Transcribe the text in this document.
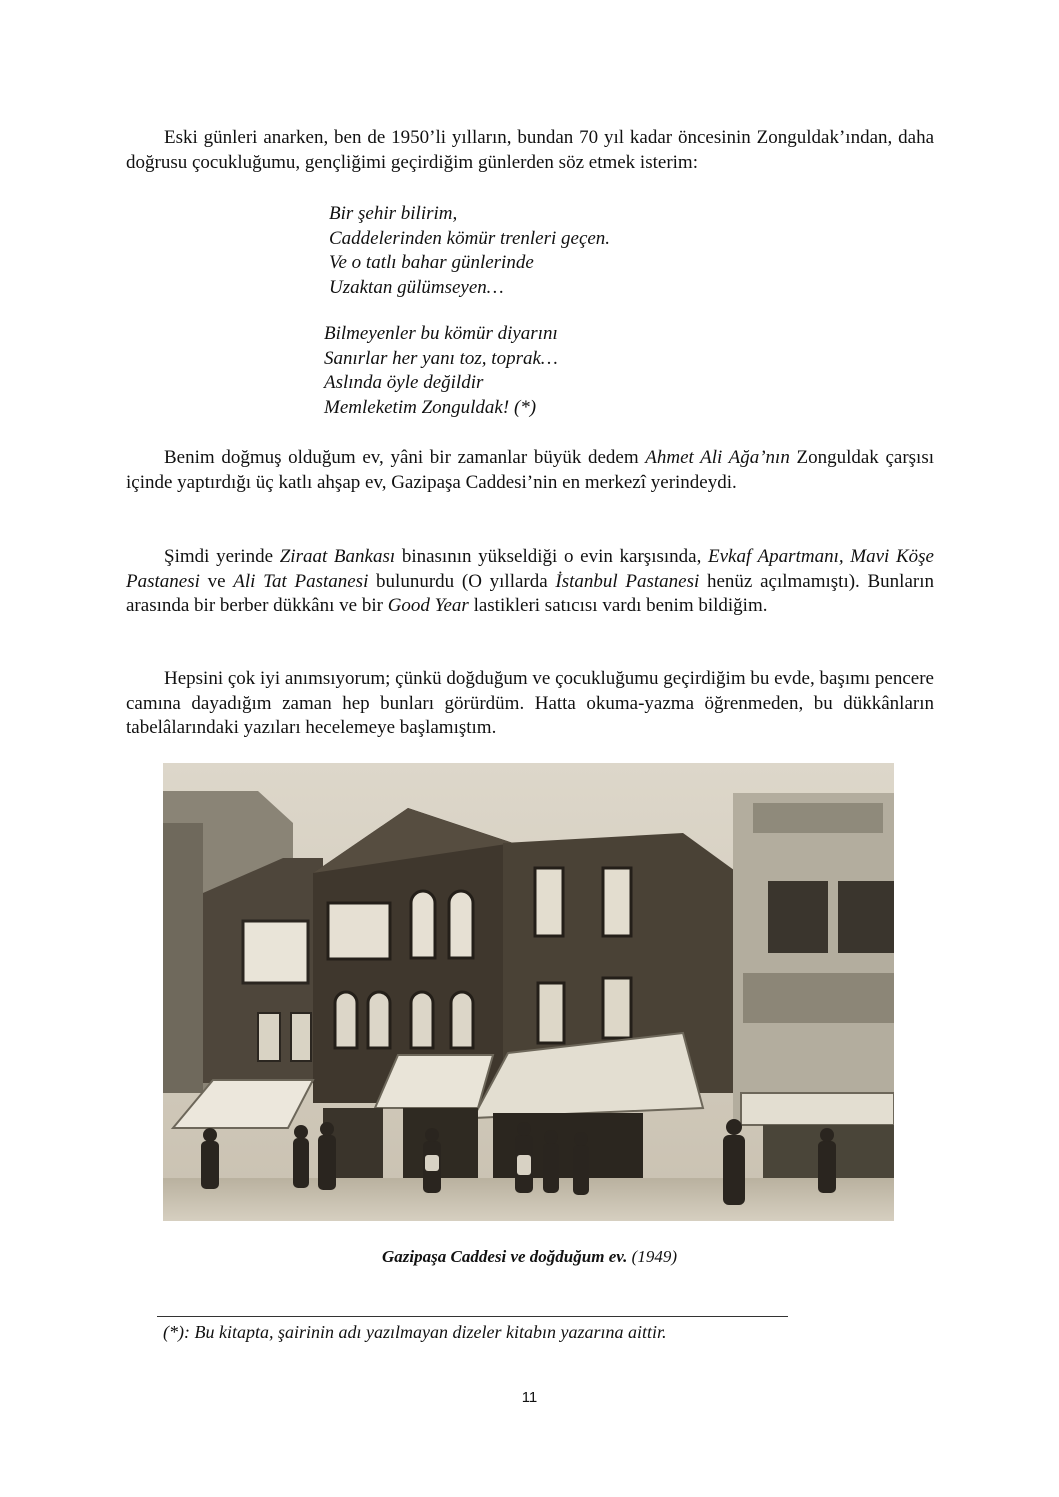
Eski günleri anarken, ben de 1950’li yılların, bundan 70 yıl kadar öncesinin Zonguldak’ından, daha doğrusu çocukluğumu, gençliğimi geçirdiğim günlerden söz etmek isterim:

Bir şehir bilirim,
Caddelerinden kömür trenleri geçen.
Ve o tatlı bahar günlerinde
Uzaktan gülümseyen…
Bilmeyenler bu kömür diyarını
Sanırlar her yanı toz, toprak…
Aslında öyle değildir
Memleketim Zonguldak! (*)

Benim doğmuş olduğum ev, yâni bir zamanlar büyük dedem Ahmet Ali Ağa’nın Zonguldak çarşısı içinde yaptırdığı üç katlı ahşap ev, Gazipaşa Caddesi’nin en merkezî yerindeydi.

Şimdi yerinde Ziraat Bankası binasının yükseldiği o evin karşısında, Evkaf Apartmanı, Mavi Köşe Pastanesi ve Ali Tat Pastanesi bulunurdu (O yıllarda İstanbul Pastanesi henüz açılmamıştı). Bunların arasında bir berber dükkânı ve bir Good Year lastikleri satıcısı vardı benim bildiğim.

Hepsini çok iyi anımsıyorum; çünkü doğduğum ve çocukluğumu geçirdiğim bu evde, başımı pencere camına dayadığım zaman hep bunları görürdüm. Hatta okuma-yazma öğrenmeden, bu dükkânların tabelâlarındaki yazıları hecelemeye başlamıştım.

Gazipaşa Caddesi ve doğduğum ev. (1949)
(*): Bu kitapta, şairinin adı yazılmayan dizeler kitabın yazarına aittir.
11
